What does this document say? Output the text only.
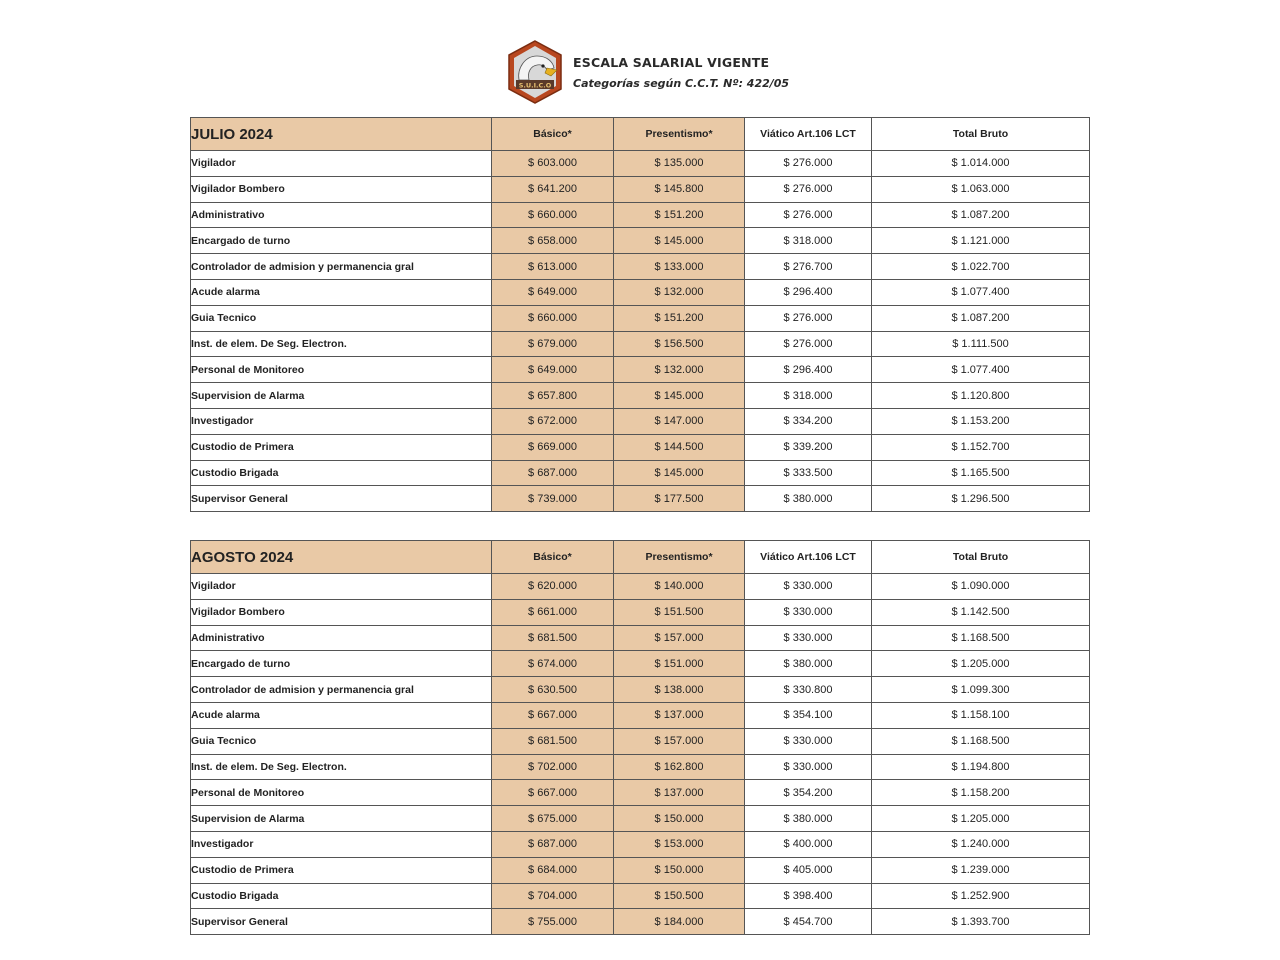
S.U.I.C.O
ESCALA SALARIAL VIGENTE
Categorías según C.C.T. Nº: 422/05
JULIO 2024	Básico*	Presentismo*	Viático Art.106 LCT	Total Bruto
Vigilador	$ 603.000	$ 135.000	$ 276.000	$ 1.014.000
Vigilador Bombero	$ 641.200	$ 145.800	$ 276.000	$ 1.063.000
Administrativo	$ 660.000	$ 151.200	$ 276.000	$ 1.087.200
Encargado de turno	$ 658.000	$ 145.000	$ 318.000	$ 1.121.000
Controlador de admision y permanencia gral	$ 613.000	$ 133.000	$ 276.700	$ 1.022.700
Acude alarma	$ 649.000	$ 132.000	$ 296.400	$ 1.077.400
Guia Tecnico	$ 660.000	$ 151.200	$ 276.000	$ 1.087.200
Inst. de elem. De Seg. Electron.	$ 679.000	$ 156.500	$ 276.000	$ 1.111.500
Personal de Monitoreo	$ 649.000	$ 132.000	$ 296.400	$ 1.077.400
Supervision de Alarma	$ 657.800	$ 145.000	$ 318.000	$ 1.120.800
Investigador	$ 672.000	$ 147.000	$ 334.200	$ 1.153.200
Custodio de Primera	$ 669.000	$ 144.500	$ 339.200	$ 1.152.700
Custodio Brigada	$ 687.000	$ 145.000	$ 333.500	$ 1.165.500
Supervisor General	$ 739.000	$ 177.500	$ 380.000	$ 1.296.500
AGOSTO 2024	Básico*	Presentismo*	Viático Art.106 LCT	Total Bruto
Vigilador	$ 620.000	$ 140.000	$ 330.000	$ 1.090.000
Vigilador Bombero	$ 661.000	$ 151.500	$ 330.000	$ 1.142.500
Administrativo	$ 681.500	$ 157.000	$ 330.000	$ 1.168.500
Encargado de turno	$ 674.000	$ 151.000	$ 380.000	$ 1.205.000
Controlador de admision y permanencia gral	$ 630.500	$ 138.000	$ 330.800	$ 1.099.300
Acude alarma	$ 667.000	$ 137.000	$ 354.100	$ 1.158.100
Guia Tecnico	$ 681.500	$ 157.000	$ 330.000	$ 1.168.500
Inst. de elem. De Seg. Electron.	$ 702.000	$ 162.800	$ 330.000	$ 1.194.800
Personal de Monitoreo	$ 667.000	$ 137.000	$ 354.200	$ 1.158.200
Supervision de Alarma	$ 675.000	$ 150.000	$ 380.000	$ 1.205.000
Investigador	$ 687.000	$ 153.000	$ 400.000	$ 1.240.000
Custodio de Primera	$ 684.000	$ 150.000	$ 405.000	$ 1.239.000
Custodio Brigada	$ 704.000	$ 150.500	$ 398.400	$ 1.252.900
Supervisor General	$ 755.000	$ 184.000	$ 454.700	$ 1.393.700
